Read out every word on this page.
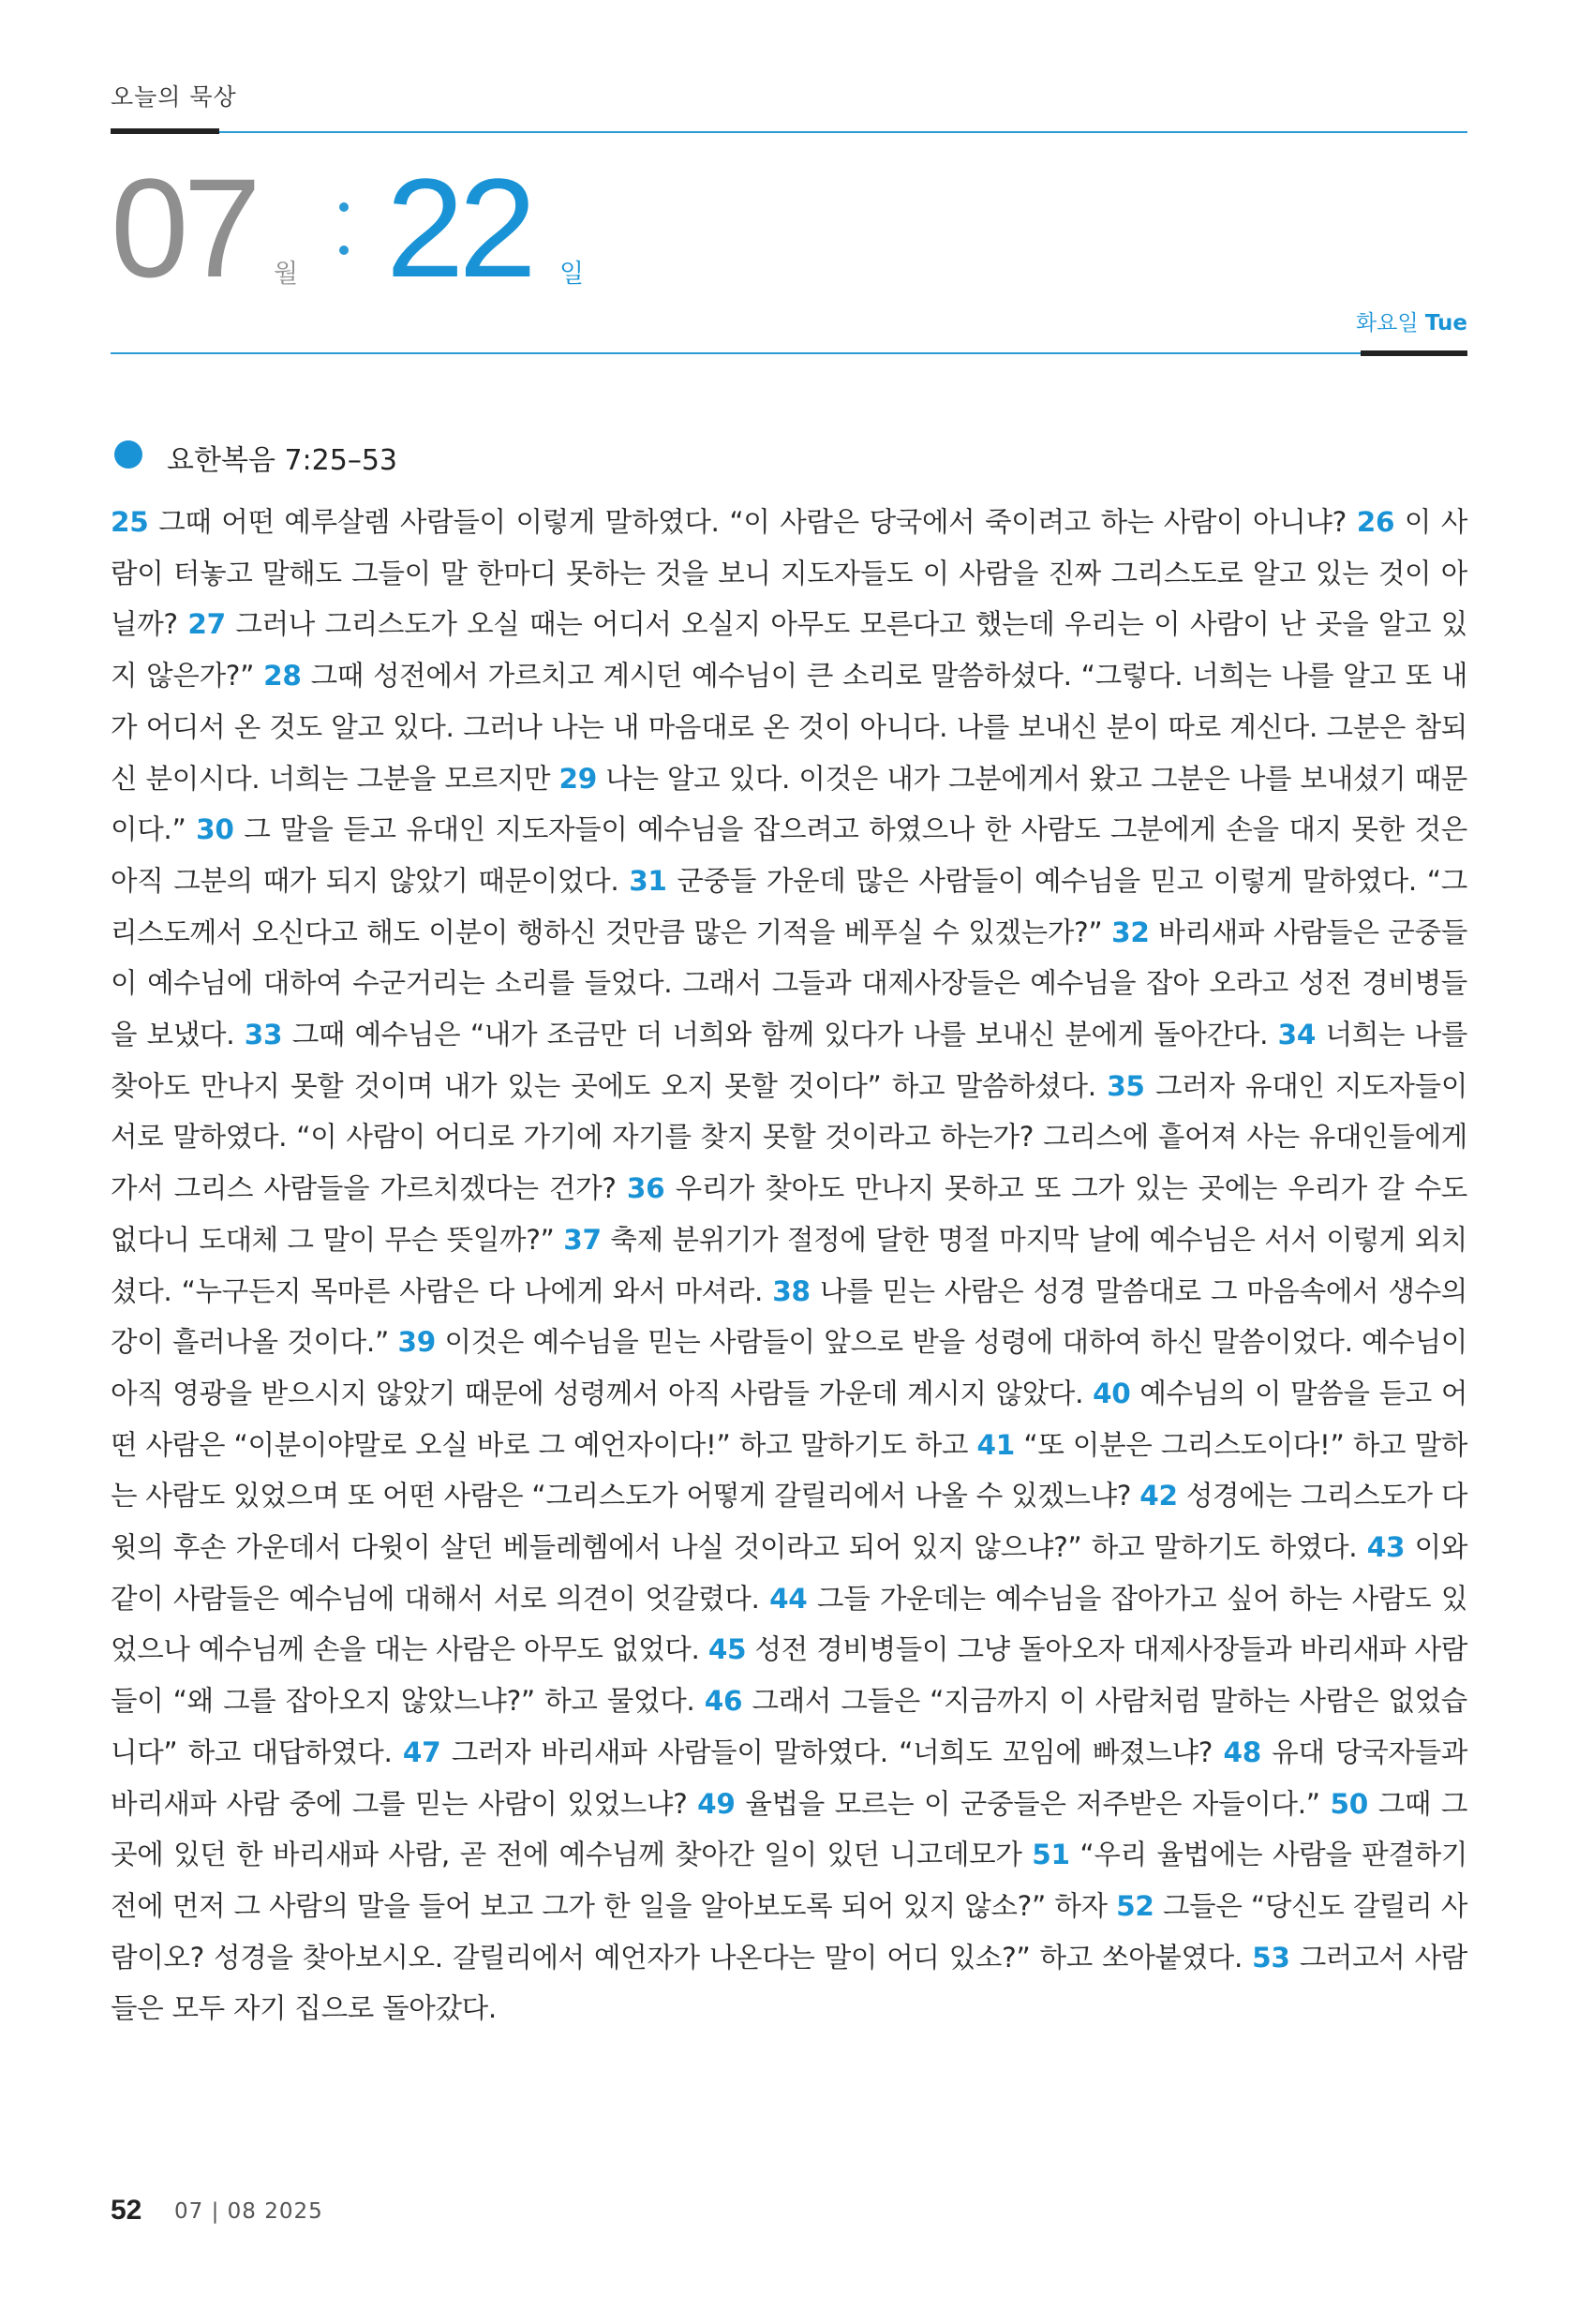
오늘의 묵상
07 월 22 일
화요일 Tue
요한복음 7:25–53
25 그때 어떤 예루살렘 사람들이 이렇게 말하였다. “이 사람은 당국에서 죽이려고 하는 사람이 아니냐? 26 이 사람이 터놓고 말해도 그들이 말 한마디 못하는 것을 보니 지도자들도 이 사람을 진짜 그리스도로 알고 있는 것이 아닐까? 27 그러나 그리스도가 오실 때는 어디서 오실지 아무도 모른다고 했는데 우리는 이 사람이 난 곳을 알고 있지 않은가?” 28 그때 성전에서 가르치고 계시던 예수님이 큰 소리로 말씀하셨다. “그렇다. 너희는 나를 알고 또 내가 어디서 온 것도 알고 있다. 그러나 나는 내 마음대로 온 것이 아니다. 나를 보내신 분이 따로 계신다. 그분은 참되신 분이시다. 너희는 그분을 모르지만 29 나는 알고 있다. 이것은 내가 그분에게서 왔고 그분은 나를 보내셨기 때문이다.” 30 그 말을 듣고 유대인 지도자들이 예수님을 잡으려고 하였으나 한 사람도 그분에게 손을 대지 못한 것은 아직 그분의 때가 되지 않았기 때문이었다. 31 군중들 가운데 많은 사람들이 예수님을 믿고 이렇게 말하였다. “그리스도께서 오신다고 해도 이분이 행하신 것만큼 많은 기적을 베푸실 수 있겠는가?” 32 바리새파 사람들은 군중들이 예수님에 대하여 수군거리는 소리를 들었다. 그래서 그들과 대제사장들은 예수님을 잡아 오라고 성전 경비병들을 보냈다. 33 그때 예수님은 “내가 조금만 더 너희와 함께 있다가 나를 보내신 분에게 돌아간다. 34 너희는 나를 찾아도 만나지 못할 것이며 내가 있는 곳에도 오지 못할 것이다” 하고 말씀하셨다. 35 그러자 유대인 지도자들이 서로 말하였다. “이 사람이 어디로 가기에 자기를 찾지 못할 것이라고 하는가? 그리스에 흩어져 사는 유대인들에게 가서 그리스 사람들을 가르치겠다는 건가? 36 우리가 찾아도 만나지 못하고 또 그가 있는 곳에는 우리가 갈 수도 없다니 도대체 그 말이 무슨 뜻일까?” 37 축제 분위기가 절정에 달한 명절 마지막 날에 예수님은 서서 이렇게 외치셨다. “누구든지 목마른 사람은 다 나에게 와서 마셔라. 38 나를 믿는 사람은 성경 말씀대로 그 마음속에서 생수의 강이 흘러나올 것이다.” 39 이것은 예수님을 믿는 사람들이 앞으로 받을 성령에 대하여 하신 말씀이었다. 예수님이 아직 영광을 받으시지 않았기 때문에 성령께서 아직 사람들 가운데 계시지 않았다. 40 예수님의 이 말씀을 듣고 어떤 사람은 “이분이야말로 오실 바로 그 예언자이다!” 하고 말하기도 하고 41 “또 이분은 그리스도이다!” 하고 말하는 사람도 있었으며 또 어떤 사람은 “그리스도가 어떻게 갈릴리에서 나올 수 있겠느냐? 42 성경에는 그리스도가 다윗의 후손 가운데서 다윗이 살던 베들레헴에서 나실 것이라고 되어 있지 않으냐?” 하고 말하기도 하였다. 43 이와 같이 사람들은 예수님에 대해서 서로 의견이 엇갈렸다. 44 그들 가운데는 예수님을 잡아가고 싶어 하는 사람도 있었으나 예수님께 손을 대는 사람은 아무도 없었다. 45 성전 경비병들이 그냥 돌아오자 대제사장들과 바리새파 사람들이 “왜 그를 잡아오지 않았느냐?” 하고 물었다. 46 그래서 그들은 “지금까지 이 사람처럼 말하는 사람은 없었습니다” 하고 대답하였다. 47 그러자 바리새파 사람들이 말하였다. “너희도 꼬임에 빠졌느냐? 48 유대 당국자들과 바리새파 사람 중에 그를 믿는 사람이 있었느냐? 49 율법을 모르는 이 군중들은 저주받은 자들이다.” 50 그때 그곳에 있던 한 바리새파 사람, 곧 전에 예수님께 찾아간 일이 있던 니고데모가 51 “우리 율법에는 사람을 판결하기 전에 먼저 그 사람의 말을 들어 보고 그가 한 일을 알아보도록 되어 있지 않소?” 하자 52 그들은 “당신도 갈릴리 사람이오? 성경을 찾아보시오. 갈릴리에서 예언자가 나온다는 말이 어디 있소?” 하고 쏘아붙였다. 53 그러고서 사람들은 모두 자기 집으로 돌아갔다.
52 07 | 08 2025
